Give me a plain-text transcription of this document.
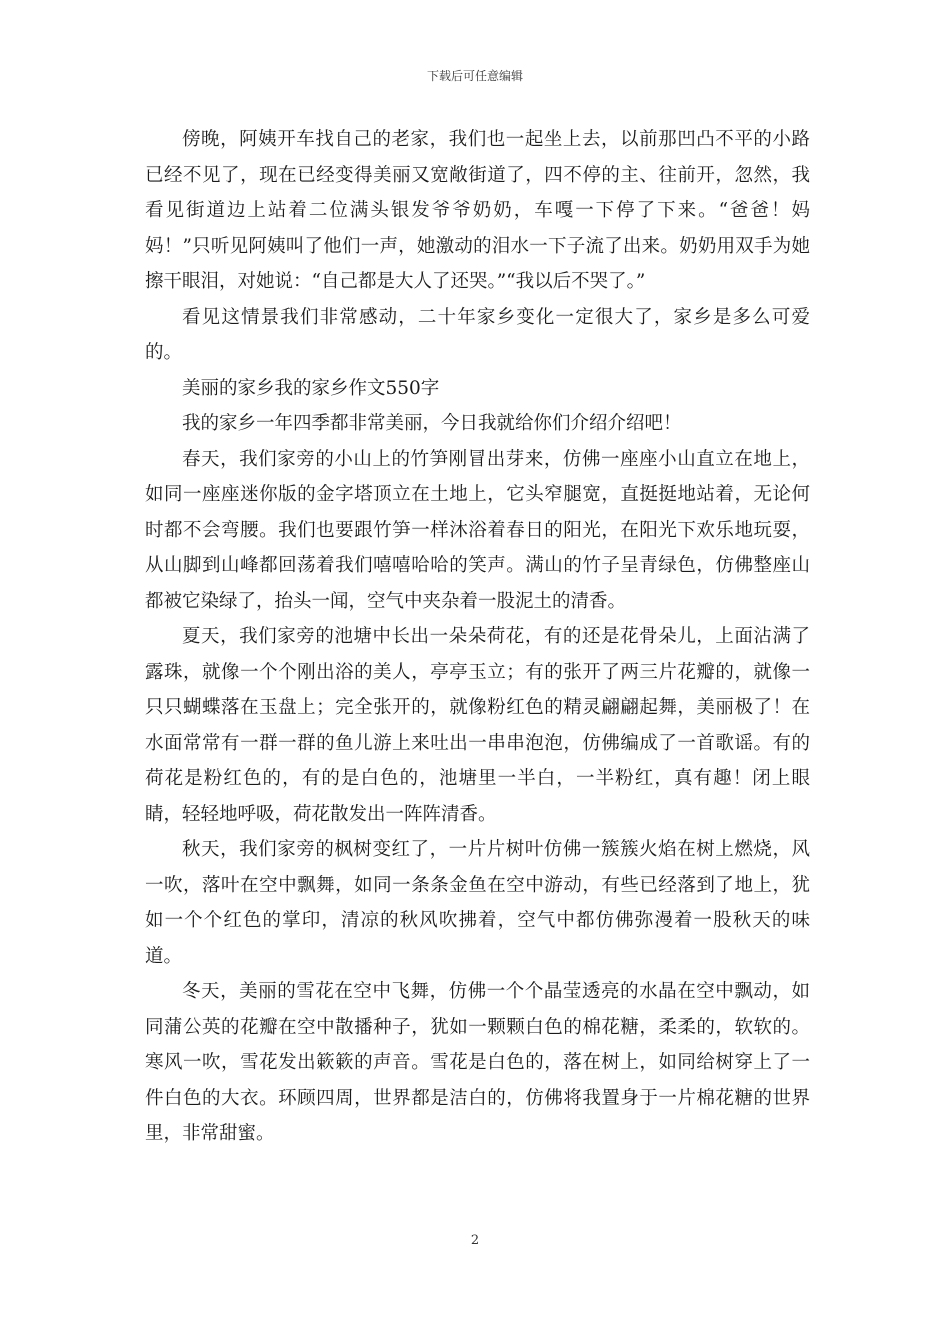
下载后可任意编辑

傍晚，阿姨开车找自己的老家，我们也一起坐上去，以前那凹凸不平的小路已经不见了，现在已经变得美丽又宽敞街道了，四不停的主、往前开，忽然，我看见街道边上站着二位满头银发爷爷奶奶，车嘎一下停了下来。“爸爸！妈妈！”只听见阿姨叫了他们一声，她激动的泪水一下子流了出来。奶奶用双手为她擦干眼泪，对她说：“自己都是大人了还哭。”“我以后不哭了。”

看见这情景我们非常感动，二十年家乡变化一定很大了，家乡是多么可爱的。

美丽的家乡我的家乡作文550字

我的家乡一年四季都非常美丽，今日我就给你们介绍介绍吧！

春天，我们家旁的小山上的竹笋刚冒出芽来，仿佛一座座小山直立在地上，如同一座座迷你版的金字塔顶立在土地上，它头窄腿宽，直挺挺地站着，无论何时都不会弯腰。我们也要跟竹笋一样沐浴着春日的阳光，在阳光下欢乐地玩耍，从山脚到山峰都回荡着我们嘻嘻哈哈的笑声。满山的竹子呈青绿色，仿佛整座山都被它染绿了，抬头一闻，空气中夹杂着一股泥土的清香。

夏天，我们家旁的池塘中长出一朵朵荷花，有的还是花骨朵儿，上面沾满了露珠，就像一个个刚出浴的美人，亭亭玉立；有的张开了两三片花瓣的，就像一只只蝴蝶落在玉盘上；完全张开的，就像粉红色的精灵翩翩起舞，美丽极了！在水面常常有一群一群的鱼儿游上来吐出一串串泡泡，仿佛编成了一首歌谣。有的荷花是粉红色的，有的是白色的，池塘里一半白，一半粉红，真有趣！闭上眼睛，轻轻地呼吸，荷花散发出一阵阵清香。

秋天，我们家旁的枫树变红了，一片片树叶仿佛一簇簇火焰在树上燃烧，风一吹，落叶在空中飘舞，如同一条条金鱼在空中游动，有些已经落到了地上，犹如一个个红色的掌印，清凉的秋风吹拂着，空气中都仿佛弥漫着一股秋天的味道。

冬天，美丽的雪花在空中飞舞，仿佛一个个晶莹透亮的水晶在空中飘动，如同蒲公英的花瓣在空中散播种子，犹如一颗颗白色的棉花糖，柔柔的，软软的。寒风一吹，雪花发出簌簌的声音。雪花是白色的，落在树上，如同给树穿上了一件白色的大衣。环顾四周，世界都是洁白的，仿佛将我置身于一片棉花糖的世界里，非常甜蜜。

2
